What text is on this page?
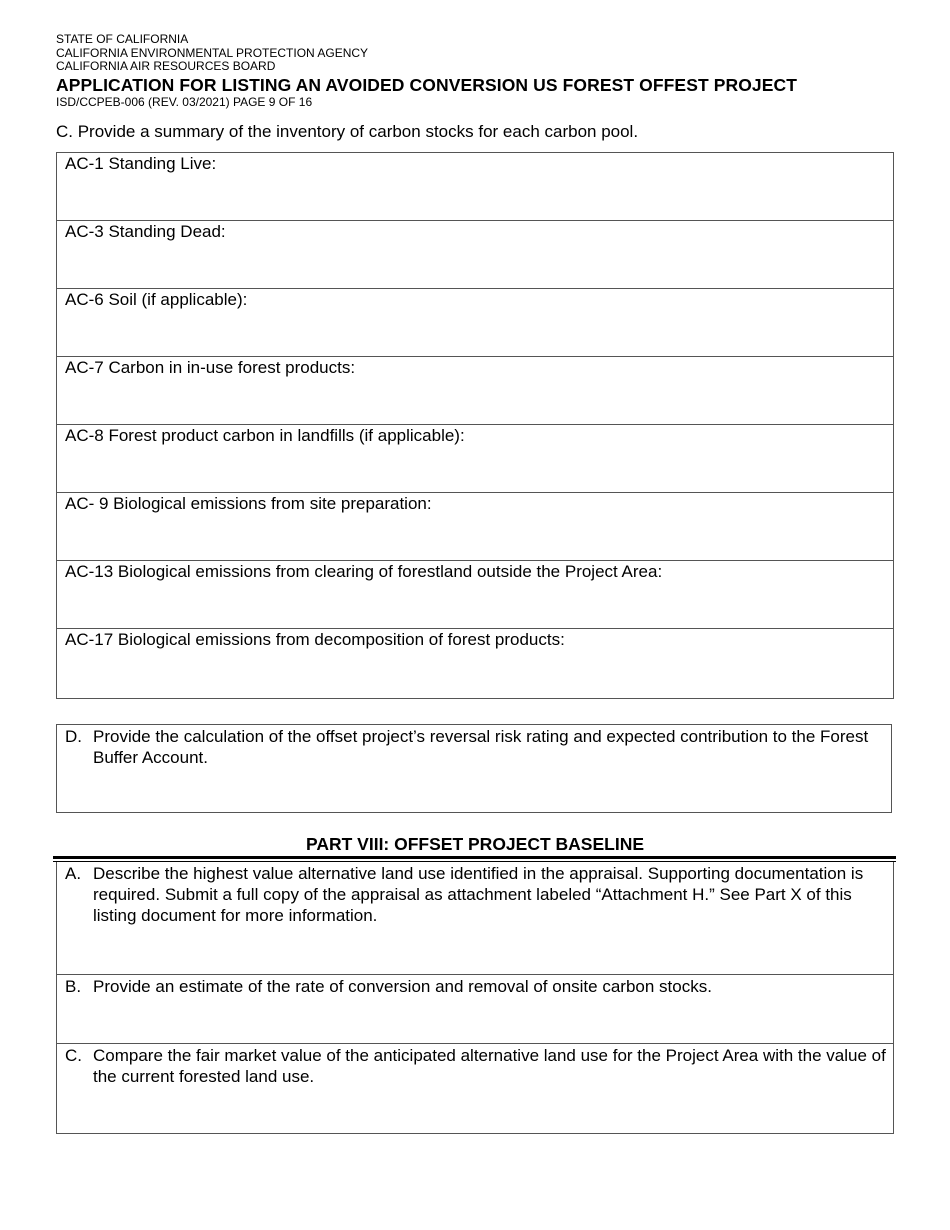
STATE OF CALIFORNIA

CALIFORNIA ENVIRONMENTAL PROTECTION AGENCY

CALIFORNIA AIR RESOURCES BOARD

APPLICATION FOR LISTING AN AVOIDED CONVERSION US FOREST OFFEST PROJECT

ISD/CCPEB-006 (REV. 03/2021) PAGE 9 OF 16

C. Provide a summary of the inventory of carbon stocks for each carbon pool.
AC-1 Standing Live:
AC-3 Standing Dead:
AC-6 Soil (if applicable):
AC-7 Carbon in in-use forest products:
AC-8 Forest product carbon in landfills (if applicable):
AC- 9 Biological emissions from site preparation:
AC-13 Biological emissions from clearing of forestland outside the Project Area:
AC-17 Biological emissions from decomposition of forest products:
D. Provide the calculation of the offset project’s reversal risk rating and expected contribution to the Forest Buffer Account.
PART VIII: OFFSET PROJECT BASELINE
A. Describe the highest value alternative land use identified in the appraisal. Supporting documentation is required. Submit a full copy of the appraisal as attachment labeled “Attachment H.” See Part X of this listing document for more information.
B. Provide an estimate of the rate of conversion and removal of onsite carbon stocks.
C. Compare the fair market value of the anticipated alternative land use for the Project Area with the value of the current forested land use.
